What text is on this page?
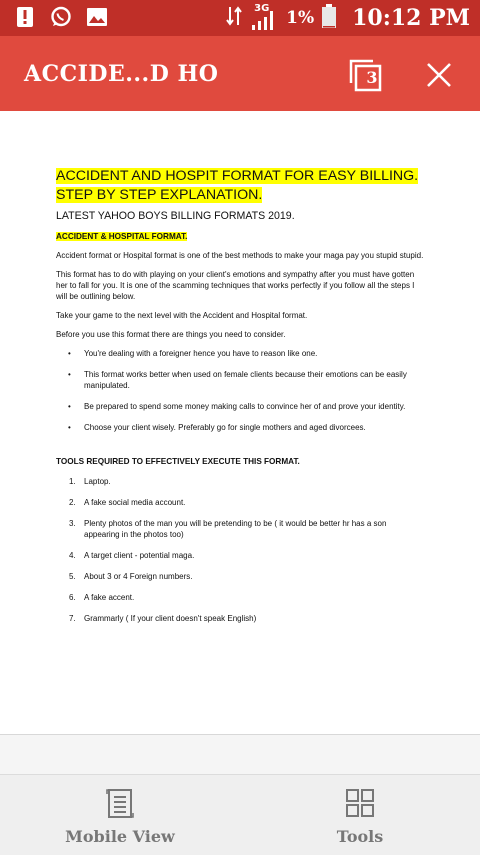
3G 1% 10:12 PM
ACCIDE...D HO	3
ACCIDENT AND HOSPIT FORMAT FOR EASY BILLING. STEP BY STEP EXPLANATION.
LATEST YAHOO BOYS BILLING FORMATS 2019.
ACCIDENT & HOSPITAL FORMAT.
Accident format or Hospital format is one of the best methods to make your maga pay you stupid stupid.
This format has to do with playing on your client's emotions and sympathy after you must have gotten her to fall for you. It is one of the scamming techniques that works perfectly if you follow all the steps I will be outlining below.
Take your game to the next level with the Accident and Hospital format.
Before you use this format there are things you need to consider.
• You're dealing with a foreigner hence you have to reason like one.
• This format works better when used on female clients because their emotions can be easily manipulated.
• Be prepared to spend some money making calls to convince her of and prove your identity.
• Choose your client wisely. Preferably go for single mothers and aged divorcees.
TOOLS REQUIRED TO EFFECTIVELY EXECUTE THIS FORMAT.
1. Laptop.
2. A fake social media account.
3. Plenty photos of the man you will be pretending to be ( it would be better hr has a son appearing in the photos too)
4. A target client - potential maga.
5. About 3 or 4 Foreign numbers.
6. A fake accent.
7. Grammarly ( If your client doesn't speak English)
Mobile View	Tools
